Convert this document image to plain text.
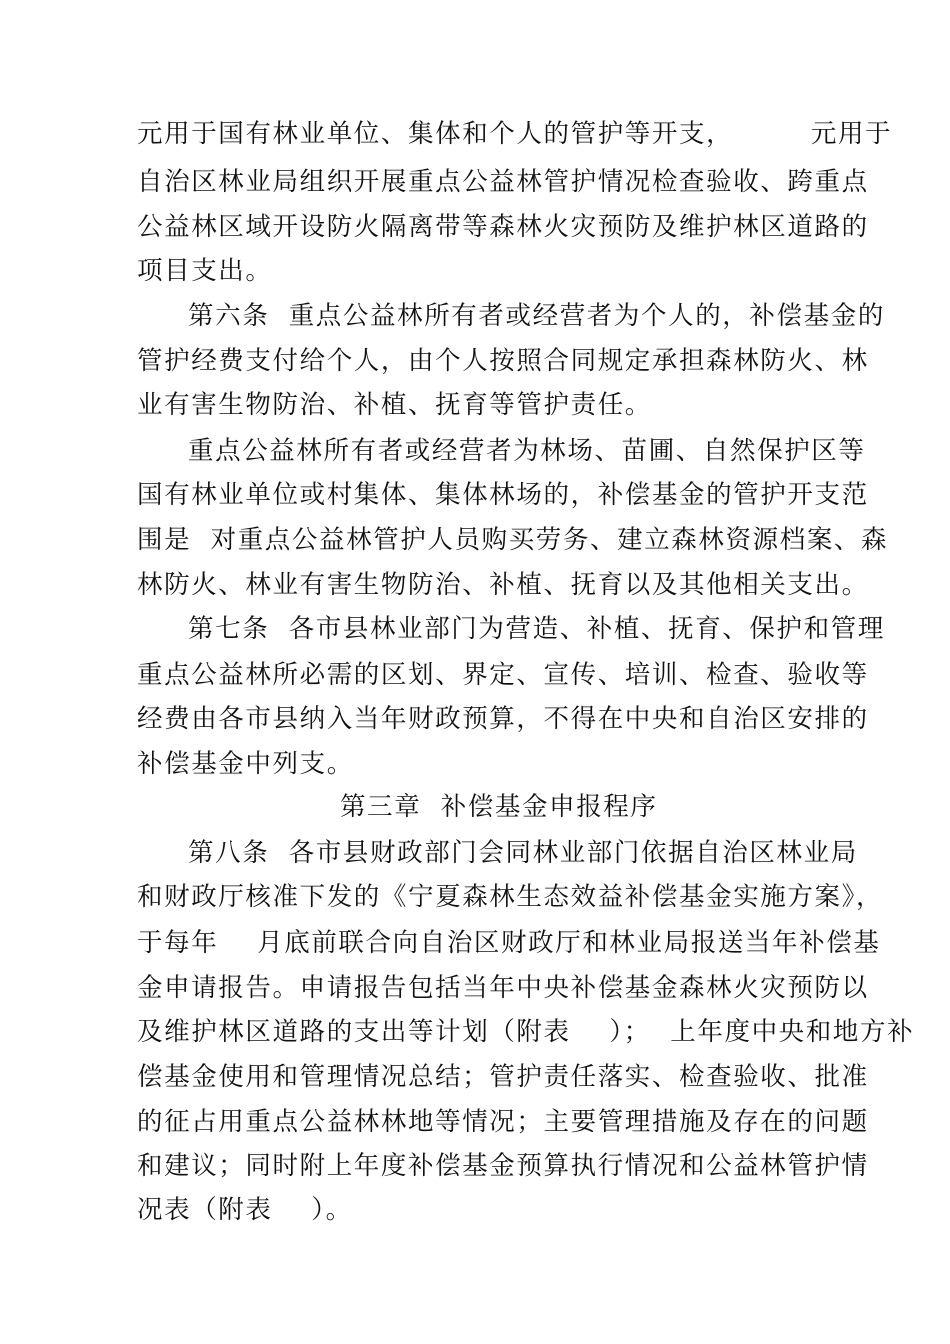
元用于国有林业单位、集体和个人的管护等开支，        元用于
自治区林业局组织开展重点公益林管护情况检查验收、跨重点
公益林区域开设防火隔离带等森林火灾预防及维护林区道路的
项目支出。
第六条  重点公益林所有者或经营者为个人的，补偿基金的
管护经费支付给个人，由个人按照合同规定承担森林防火、林
业有害生物防治、补植、抚育等管护责任。
重点公益林所有者或经营者为林场、苗圃、自然保护区等
国有林业单位或村集体、集体林场的，补偿基金的管护开支范
围是  对重点公益林管护人员购买劳务、建立森林资源档案、森
林防火、林业有害生物防治、补植、抚育以及其他相关支出。
第七条  各市县林业部门为营造、补植、抚育、保护和管理
重点公益林所必需的区划、界定、宣传、培训、检查、验收等
经费由各市县纳入当年财政预算，不得在中央和自治区安排的
补偿基金中列支。
第三章  补偿基金申报程序
第八条  各市县财政部门会同林业部门依据自治区林业局
和财政厅核准下发的《宁夏森林生态效益补偿基金实施方案》，
于每年    月底前联合向自治区财政厅和林业局报送当年补偿基
金申请报告。申请报告包括当年中央补偿基金森林火灾预防以
及维护林区道路的支出等计划（附表    ）；  上年度中央和地方补
偿基金使用和管理情况总结；管护责任落实、检查验收、批准
的征占用重点公益林林地等情况；主要管理措施及存在的问题
和建议；同时附上年度补偿基金预算执行情况和公益林管护情
况表（附表    ）。
